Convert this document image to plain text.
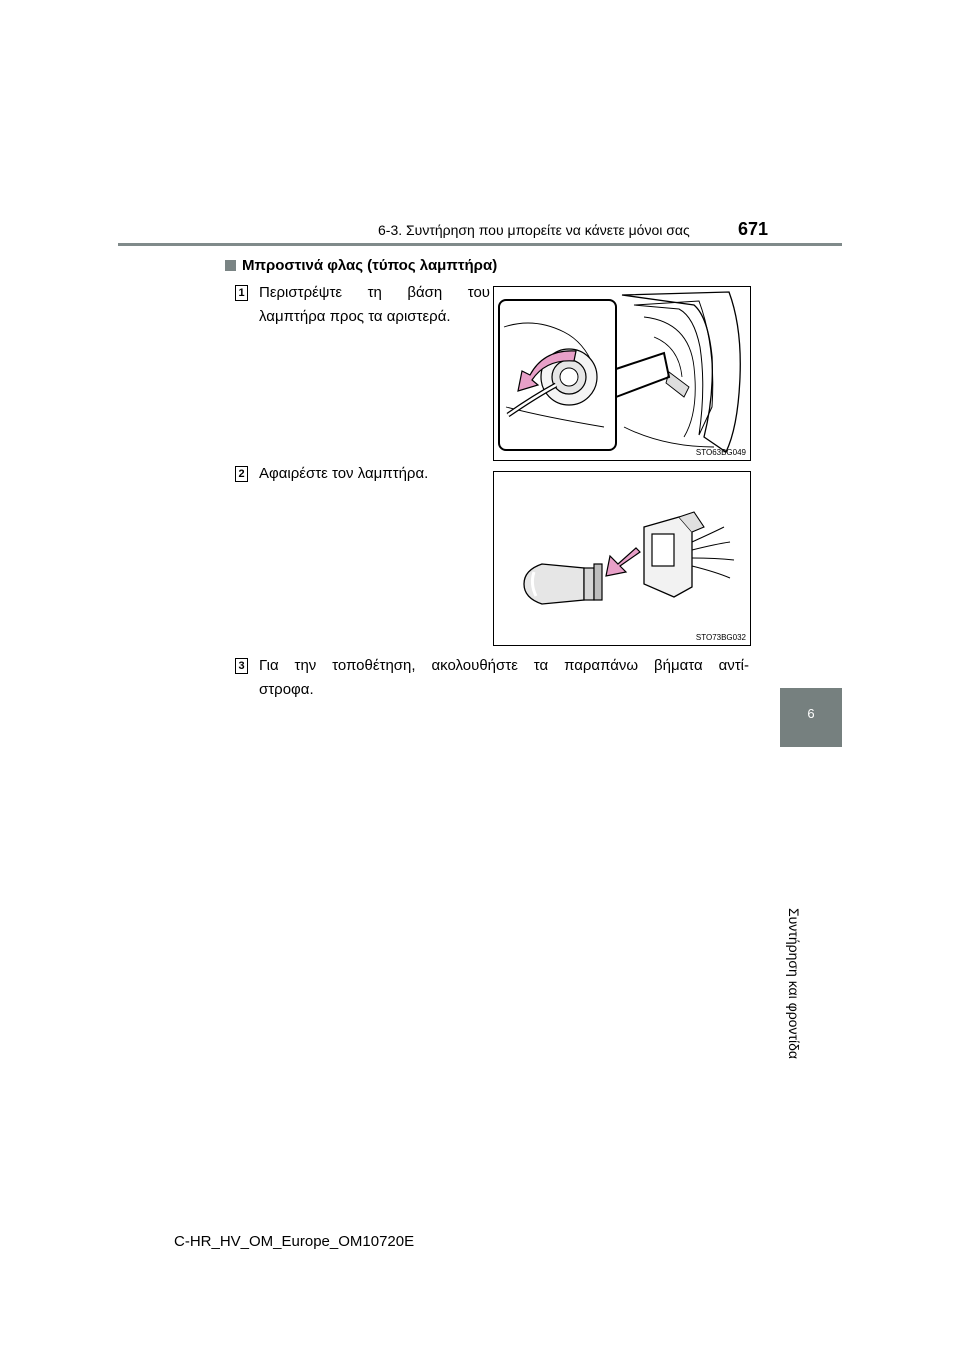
6-3. Συντήρηση που μπορείτε να κάνετε μόνοι σας	671
6
Συντήρηση και φροντίδα
Μπροστινά φλας (τύπος λαμπτήρα)
1 Περιστρέψτε τη βάση του
λαμπτήρα προς τα αριστερά.
STO63BG049
2 Αφαιρέστε τον λαμπτήρα.
STO73BG032
3 Για την τοποθέτηση, ακολουθήστε τα παραπάνω βήματα αντί-
στροφα.
C-HR_HV_OM_Europe_OM10720E
